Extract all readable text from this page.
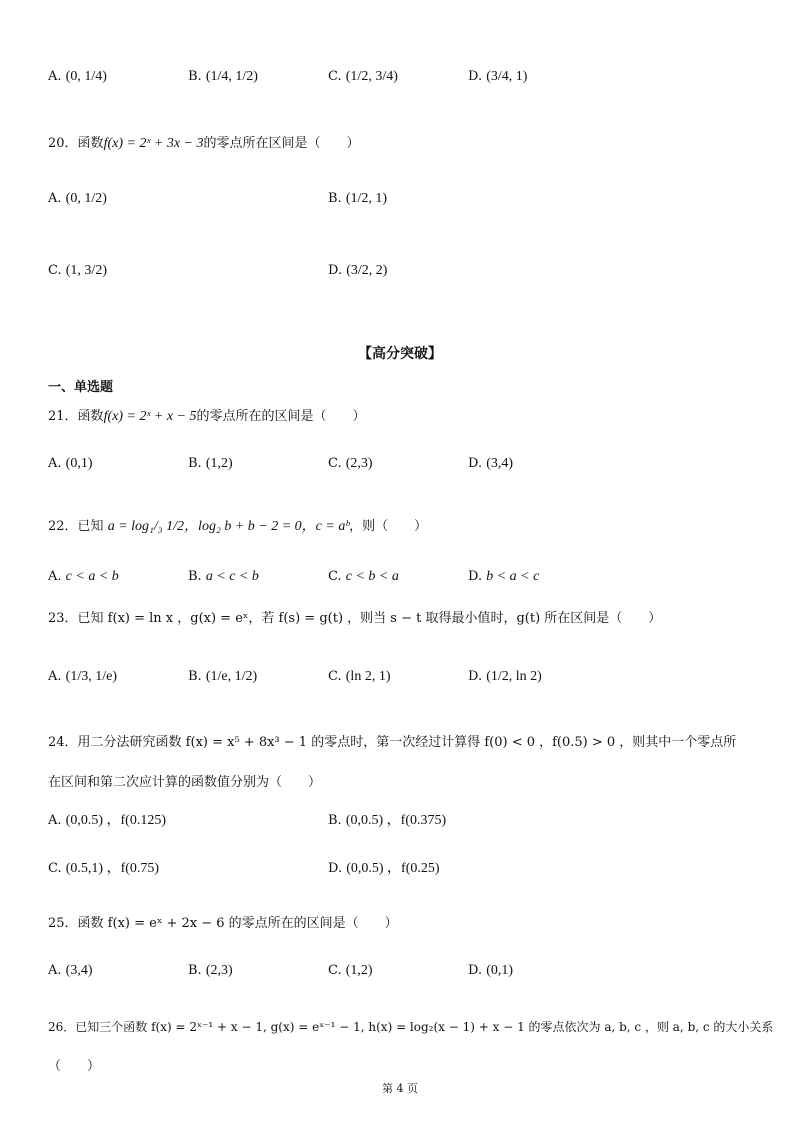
A. (0, 1/4)	B. (1/4, 1/2)	C. (1/2, 3/4)	D. (3/4, 1)
20．函数f(x) = 2ˣ + 3x − 3的零点所在区间是（　　）
A. (0, 1/2)	B. (1/2, 1)
C. (1, 3/2)	D. (3/2, 2)
【高分突破】
一、单选题
21．函数f(x) = 2ˣ + x − 5的零点所在的区间是（　　）
A. (0,1)	B. (1,2)	C. (2,3)	D. (3,4)
22．已知 a = log₁/₃ 1/2，log₂ b + b − 2 = 0，c = aᵇ，则（　　）
A. c < a < b	B. a < c < b	C. c < b < a	D. b < a < c
23．已知 f(x) = ln x ，g(x) = eˣ，若 f(s) = g(t) ，则当 s − t 取得最小值时，g(t) 所在区间是（　　）
A. (1/3, 1/e)	B. (1/e, 1/2)	C. (ln 2, 1)	D. (1/2, ln 2)
24．用二分法研究函数 f(x) = x⁵ + 8x³ − 1 的零点时，第一次经过计算得 f(0) < 0 ，f(0.5) > 0 ，则其中一个零点所
在区间和第二次应计算的函数值分别为（　　）
A. (0,0.5) ，f(0.125)	B. (0,0.5) ，f(0.375)
C. (0.5,1) ，f(0.75)	D. (0,0.5) ，f(0.25)
25．函数 f(x) = eˣ + 2x − 6 的零点所在的区间是（　　）
A. (3,4)	B. (2,3)	C. (1,2)	D. (0,1)
26．已知三个函数 f(x) = 2ˣ⁻¹ + x − 1, g(x) = eˣ⁻¹ − 1, h(x) = log₂(x − 1) + x − 1 的零点依次为 a, b, c ，则 a, b, c 的大小关系
（　　）
第 4 页
